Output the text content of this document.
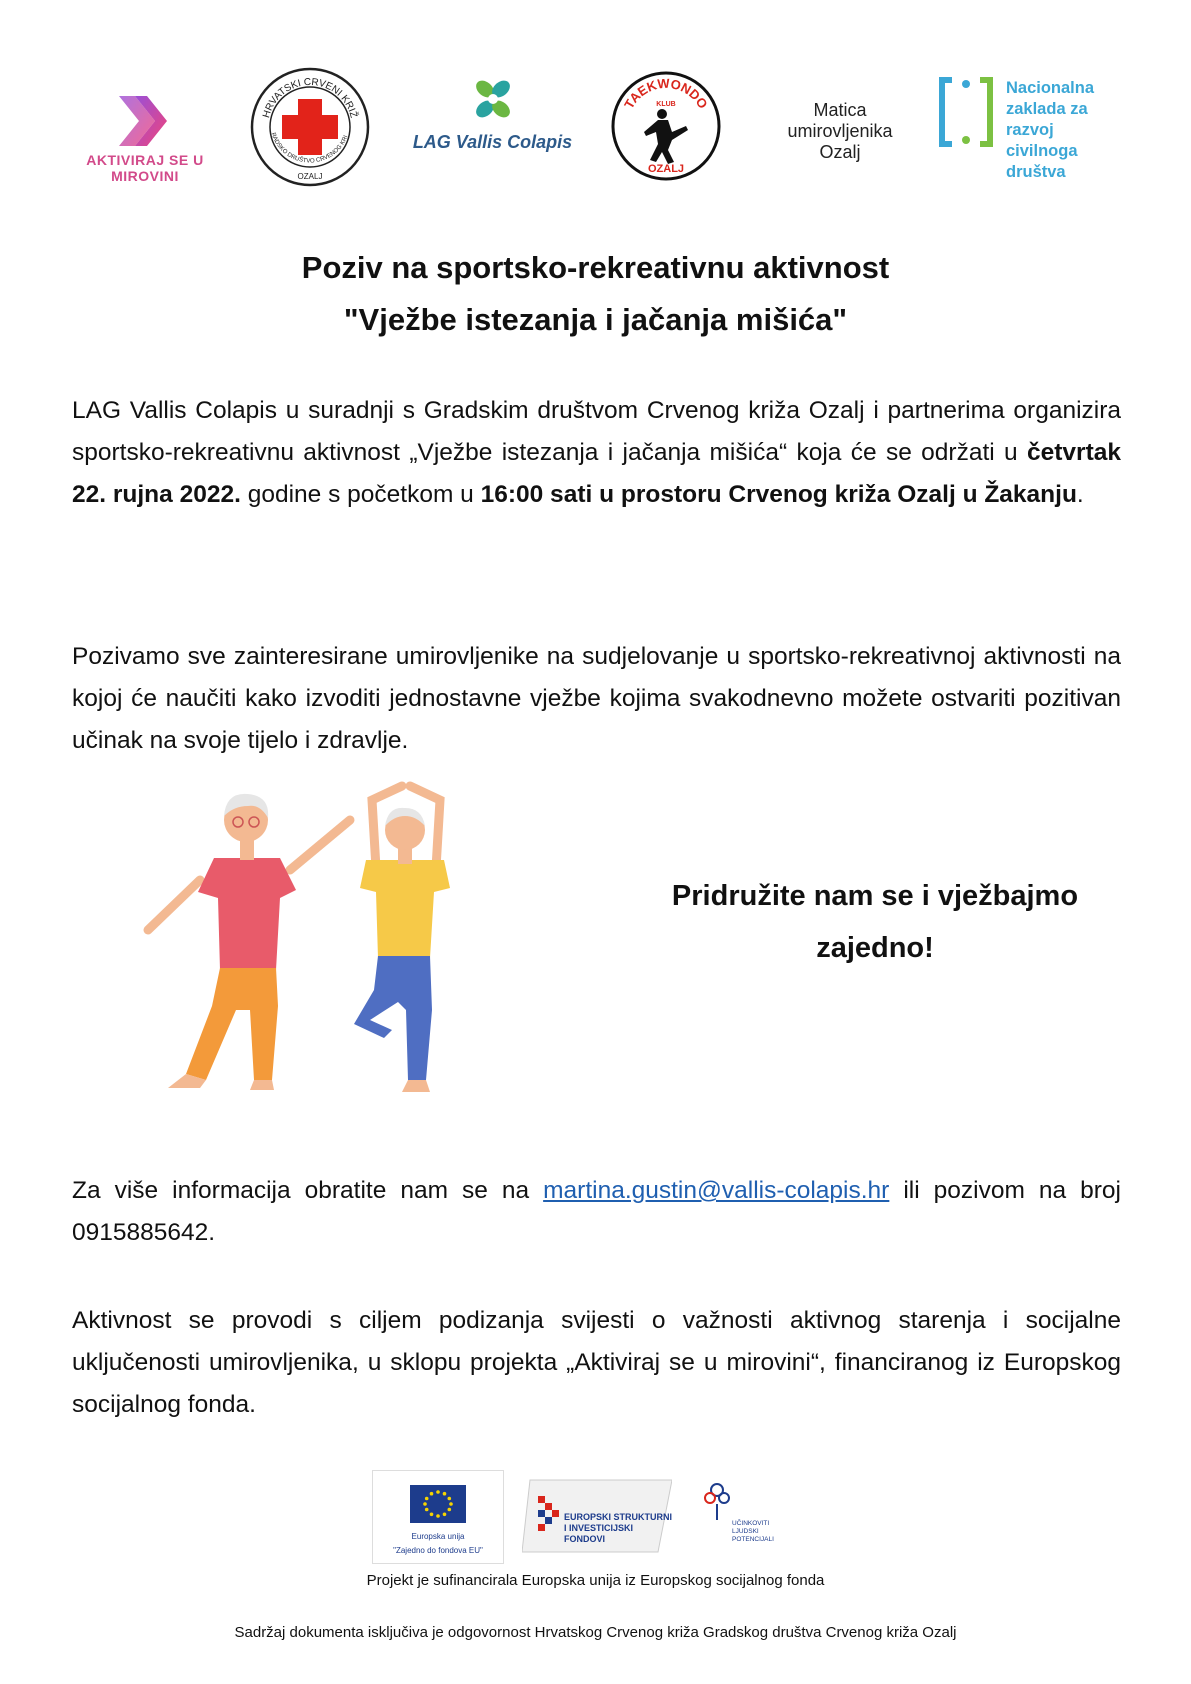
AKTIVIRAJ SE U
MIROVINI
HRVATSKI CRVENI KRIŽ
RADSKO DRUŠTVO CRVENOG KRI
OZALJ
LAG Vallis Colapis
TAEKWONDO
KLUB
OZALJ
Matica
umirovljenika
Ozalj
Nacionalna
zaklada za
razvoj
civilnoga
društva
Poziv na sportsko-rekreativnu aktivnost
"Vježbe istezanja i jačanja mišića"
LAG Vallis Colapis u suradnji s Gradskim društvom Crvenog križa Ozalj i partnerima organizira sportsko-rekreativnu aktivnost „Vježbe istezanja i jačanja mišića“ koja će se održati u četvrtak 22. rujna 2022. godine s početkom u 16:00 sati u prostoru Crvenog križa Ozalj u Žakanju.
Pozivamo sve zainteresirane umirovljenike na sudjelovanje u sportsko-rekreativnoj aktivnosti na kojoj će naučiti kako izvoditi jednostavne vježbe kojima svakodnevno možete ostvariti pozitivan učinak na svoje tijelo i zdravlje.
Pridružite nam se i vježbajmo
zajedno!
Za više informacija obratite nam se na martina.gustin@vallis-colapis.hr ili pozivom na broj 0915885642.
Aktivnost se provodi s ciljem podizanja svijesti o važnosti aktivnog starenja i socijalne uključenosti umirovljenika, u sklopu projekta „Aktiviraj se u mirovini“, financiranog iz Europskog socijalnog fonda.
Europska unija
"Zajedno do fondova EU"
EUROPSKI STRUKTURNI
I INVESTICIJSKI FONDOVI
UČINKOVITI
LJUDSKI
POTENCIJALI
Projekt je sufinancirala Europska unija iz Europskog socijalnog fonda
Sadržaj dokumenta isključiva je odgovornost Hrvatskog Crvenog križa Gradskog društva Crvenog križa Ozalj
